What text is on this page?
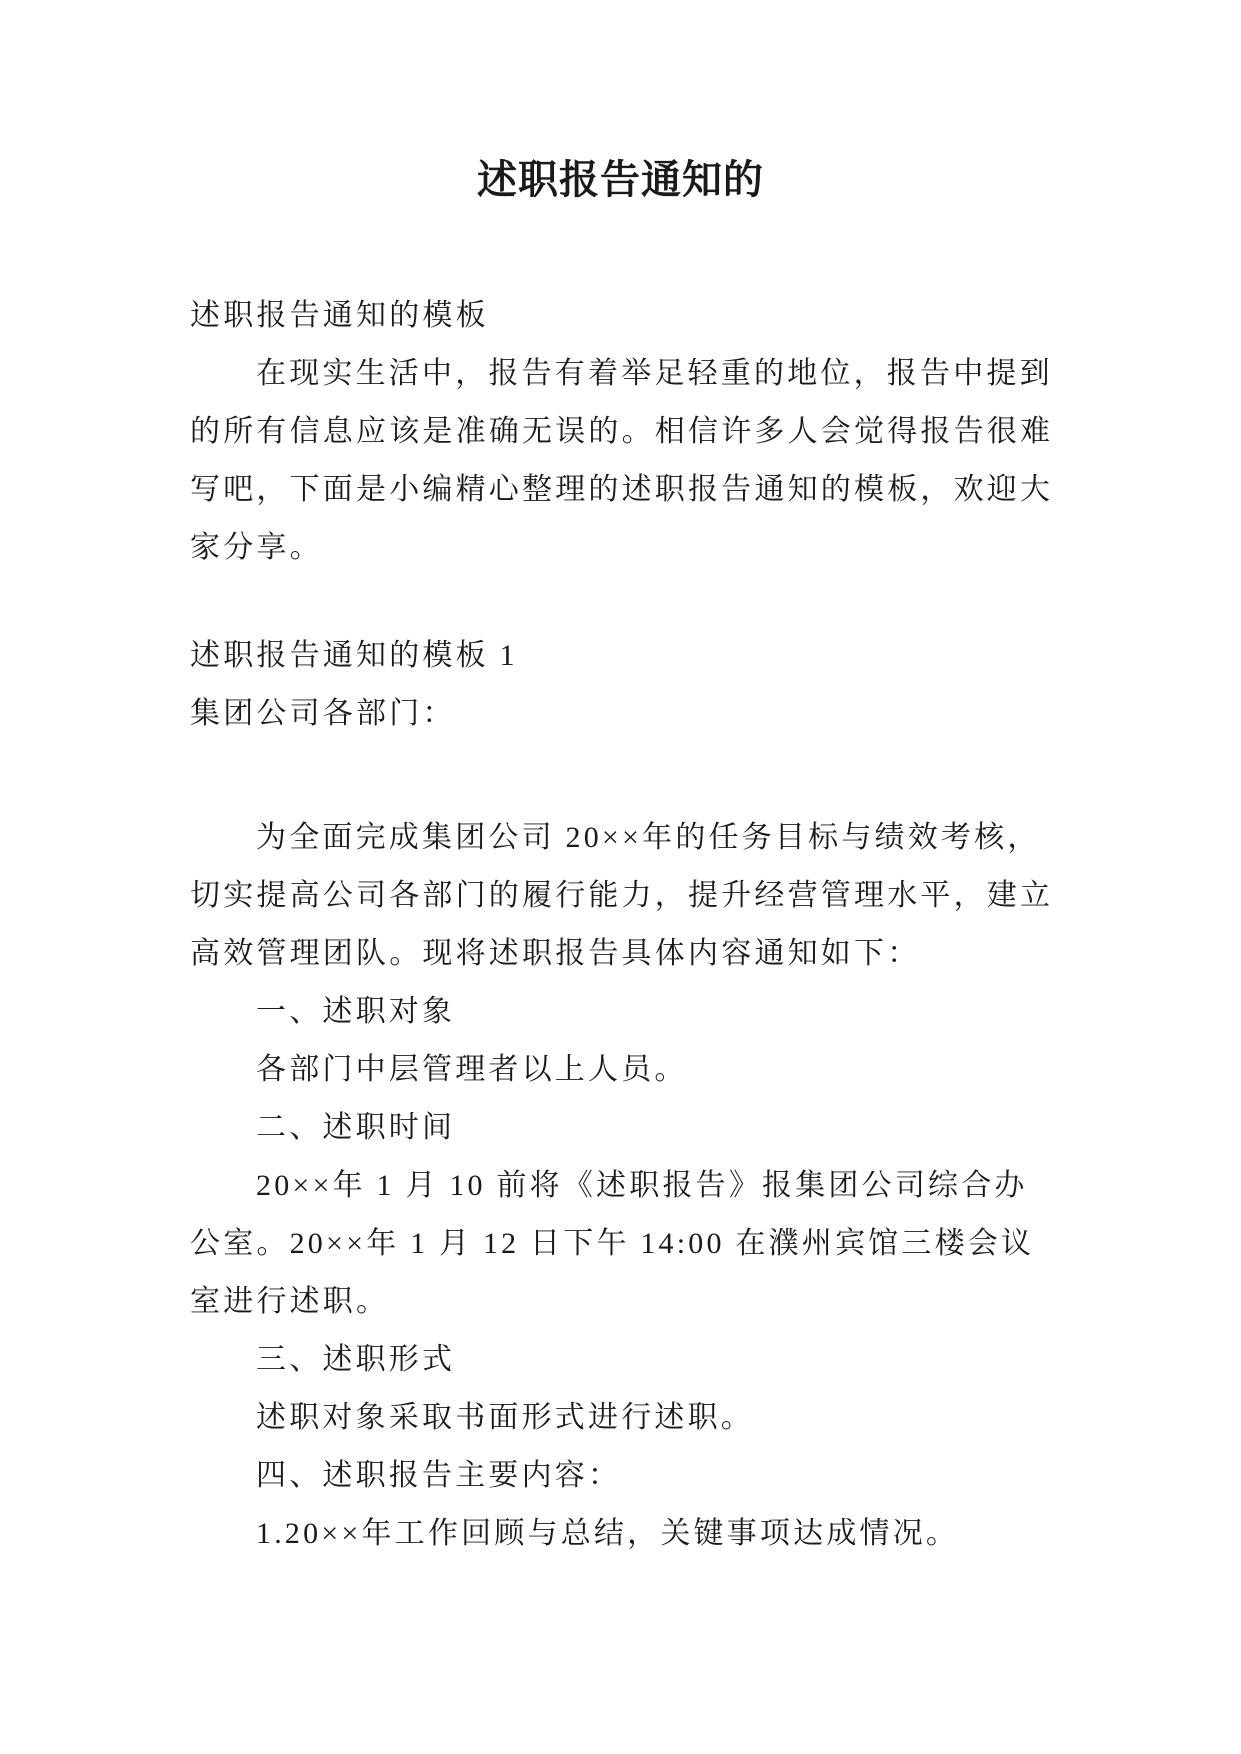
述职报告通知的
述职报告通知的模板
在现实生活中，报告有着举足轻重的地位，报告中提到
的所有信息应该是准确无误的。相信许多人会觉得报告很难
写吧，下面是小编精心整理的述职报告通知的模板，欢迎大
家分享。
述职报告通知的模板 1
集团公司各部门：
为全面完成集团公司 20××年的任务目标与绩效考核，
切实提高公司各部门的履行能力，提升经营管理水平，建立
高效管理团队。现将述职报告具体内容通知如下：
一、述职对象
各部门中层管理者以上人员。
二、述职时间
20××年 1 月 10 前将《述职报告》报集团公司综合办
公室。20××年 1 月 12 日下午 14:00 在濮州宾馆三楼会议
室进行述职。
三、述职形式
述职对象采取书面形式进行述职。
四、述职报告主要内容：
1.20××年工作回顾与总结，关键事项达成情况。
